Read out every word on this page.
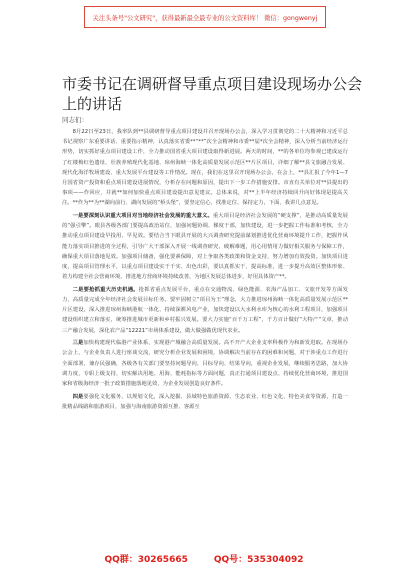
关注头条号"公文研究"，获得最新最全最专业的公文资料库！ 微信：gongwenyj
市委书记在调研督导重点项目建设现场办公会上的讲话
同志们：

8月22日至23日，我率队到**县调研督导重点项目建设并召开现场办公会，深入学习贯彻党的二十大精神和习近平总书记视察广东重要讲话、重要指示精神，认真落实省委**“**”次全会精神和市委**届*次全会精神，深入分析当前经济运行形势，切实抓好重点项目建设工作，全力推动国省重大项目建设取得新进展。两天的时间，**的各单位均参观已建成运行了红楼梅红色遗址、壮族养殖现代化基地、琼州海峡一体化高质量发展示范区**片区项目，详细了解**县文旅融合发展、现代化海洋牧场建设、重大发展平台建设等工作情况。现在，我们在这里召开现场办公会，在会上，**县汇报了今年1—7月国省资产投资和重点项目建设进展情况，分析存在问题和原因，提出下一步工作措施安排。市直有关单位对**县提出的事项——作回应，并就**如何加快重点项目建设提出意见建议。总体来说，对**上半年经济持续回升向好体现是提高关注。**作为**为**湖向前行、湖向发展的“桥头堡”，要坚定信心、找准定位、保持定力，下面，我讲几点意见。

一是要深刻认识重大项目对当地经济社会发展的重大意义。重大项目是经济社会发展的“硬支撑”，是推动高质量发展的“强引擎”。眼县各级各部门要提高政治站位，加强问题协调、梯度干部，加快建设，进一步把握工作标准和考核，全力推动重点项目建设早投用、早见效。要结合当下眼县开展的大兴调查研究提前谋划推进优化营商环境提升工作，把握作风能力落实项目推进的全过程，引导广大干部深入开展一线调查研究、破解难题，用心用情用力做好相关服务与保障工作，确保重大项目落地见效。加强项目储备，强化要素保障，对上争取各类政策和资金支持，努力增加有效投资。加快项目进度，提高项目管理水平，以重点项目建设实干千实、出色出彩，要以真抓实干、提高标准，进一步提升高效区整体形象、着力构建全社会营商环境，推进地方营商环境持续改善，为地区发展总体进步，好用具体资产**。

二是要抢抓重大历史机遇。抢抓省重点发展平台，重点在交通物流、绿色能源、农海产品加工、文旅开发等方面发力，高质量完成全年经济社会发展目标任务。要牢固树立“项目为王”理念，大力推进琼州海峡一体化高质量发展示范区**片区建设，深入推进琼州海峡港航一体化、持续深耕风电产业，加快建设以大水利水库为核心的水利工程项目，加强项目建设组织建立和落实，统筹推进城市更新和乡村振兴发展。要大力实施“百千万工程”，千方百计做好“大特产”文章，推动三产融合发展，深化农产品“12221”市场体系建设，做大做强做优现代农业。

三是加快构建现代临港产业体系，实现港产城融合高质量发展。高不开产大企业支率科极作为和新发进取。在现场办公会上，与企业负责人进行座谈交流，研究分析企业发展和困境，协调解决当前存在的困难和问题，对于涉重点工作进行全面部署，兼存民强确，各级各有关部门要坚持问题导向，目标导向、结果导向，重视企业发展，继续服务思路，加大协调力度，专职上级支持，切实解决用地、用海、能耗指标等方面问题，真正打通项目建设点、持续优化营商环境，推进国家和省级海经济一批子政策措施落地见效，为企业发展创造良好条件。

四是要强化文化服务，以规划文化，深入挖掘、县域特色旅游资源、生态农业、红色文化、特色美食等资源，打造一批精品线路和旅游项目，加强与海南旅游资源互推、客源互

QQ群：30265665	QQ号：535304092
